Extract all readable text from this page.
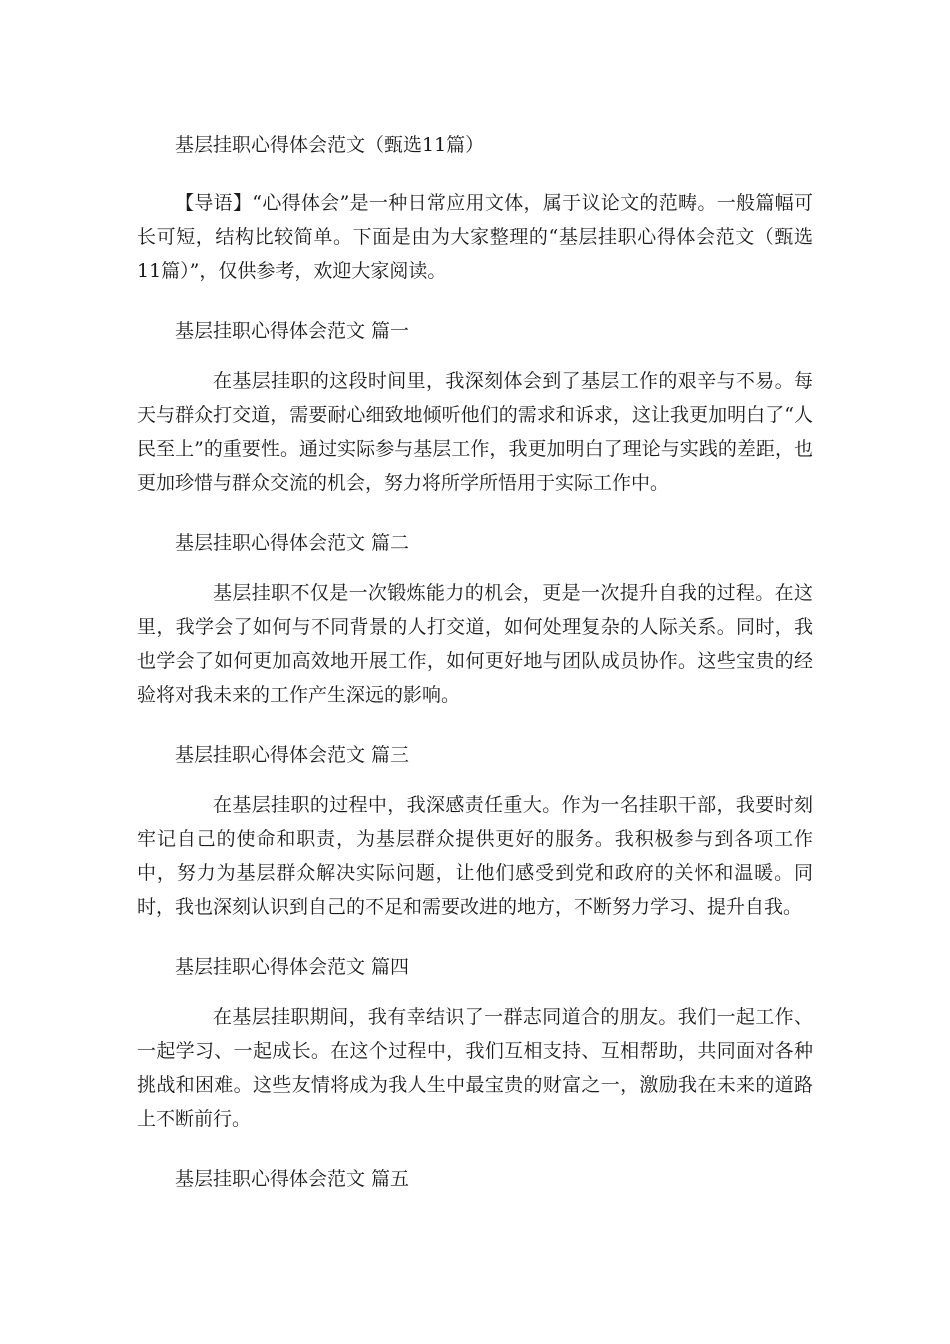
基层挂职心得体会范文（甄选11篇）

【导语】“心得体会”是一种日常应用文体，属于议论文的范畴。一般篇幅可长可短，结构比较简单。下面是由为大家整理的“基层挂职心得体会范文（甄选11篇）”，仅供参考，欢迎大家阅读。

基层挂职心得体会范文 篇一

在基层挂职的这段时间里，我深刻体会到了基层工作的艰辛与不易。每天与群众打交道，需要耐心细致地倾听他们的需求和诉求，这让我更加明白了“人民至上”的重要性。通过实际参与基层工作，我更加明白了理论与实践的差距，也更加珍惜与群众交流的机会，努力将所学所悟用于实际工作中。

基层挂职心得体会范文 篇二

基层挂职不仅是一次锻炼能力的机会，更是一次提升自我的过程。在这里，我学会了如何与不同背景的人打交道，如何处理复杂的人际关系。同时，我也学会了如何更加高效地开展工作，如何更好地与团队成员协作。这些宝贵的经验将对我未来的工作产生深远的影响。

基层挂职心得体会范文 篇三

在基层挂职的过程中，我深感责任重大。作为一名挂职干部，我要时刻牢记自己的使命和职责，为基层群众提供更好的服务。我积极参与到各项工作中，努力为基层群众解决实际问题，让他们感受到党和政府的关怀和温暖。同时，我也深刻认识到自己的不足和需要改进的地方，不断努力学习、提升自我。

基层挂职心得体会范文 篇四

在基层挂职期间，我有幸结识了一群志同道合的朋友。我们一起工作、一起学习、一起成长。在这个过程中，我们互相支持、互相帮助，共同面对各种挑战和困难。这些友情将成为我人生中最宝贵的财富之一，激励我在未来的道路上不断前行。

基层挂职心得体会范文 篇五
